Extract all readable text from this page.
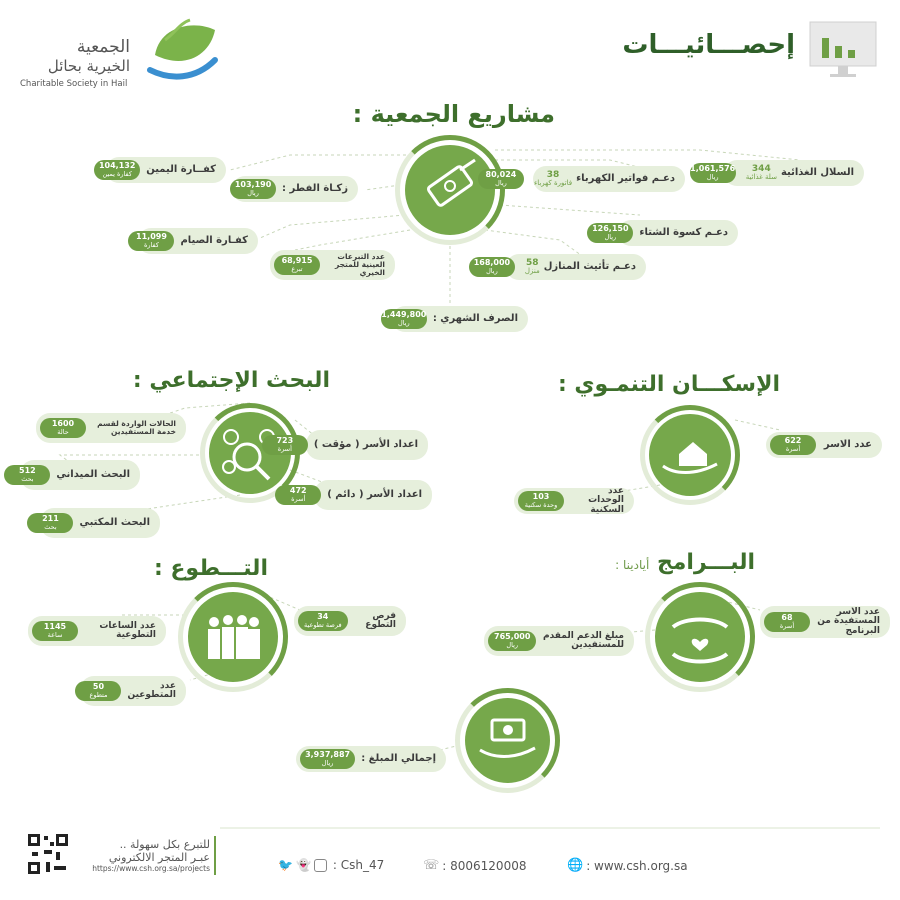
الجمعية
الخيرية بحائل
Charitable Society in Hail
إحصـــائيـــات
مشاريع الجمعية :
كفــارة اليمين
104,132
كفارة يمين
زكـاة الفطر :
103,190
ريال
كفـارة الصيام
11,099
كفارة
عدد التبرعات العينية للمتجر الخيري
68,915
تبرع
الصرف الشهري :
1,449,800
ريال
السلال الغذائية
344
سلة غذائية
1,061,576
ريال
دعـم فواتير الكهرباء
38
فاتورة كهرباء
80,024
ريال
دعـم كسوة الشتاء
126,150
ريال
دعـم تأثيث المنازل
58
منزل
168,000
ريال
البحث الإجتماعي :
الحالات الواردة لقسم خدمة المستفيدين
1600
حالة
البحث الميداني
512
بحث
البحث المكتبي
211
بحث
اعداد الأسر ( مؤقت )
723
أسرة
اعداد الأسر ( دائم )
472
أسرة
الإسكـــان التنمـوي :
عدد الاسر
622
أسرة
عدد الوحدات السكنية
103
وحدة سكنية
التـــطوع :
عدد الساعات التطوعية
1145
ساعة
عدد المتطوعين
50
متطوع
فرص التطوع
34
فرصة تطوعية
البـــرامج أيادينا :
عدد الاسر المستفيدة من البرنامج
68
أسرة
مبلغ الدعم المقدم للمستفيدين
765,000
ريال
إجمالي المبلغ :
3,937,887
ريال
للتبرع بكل سهولة ..
عبـر المتجر الالكتروني
https://www.csh.org.sa/projects	🐦 👻 : Csh_47	☏ : 8006120008	🌐 : www.csh.org.sa
